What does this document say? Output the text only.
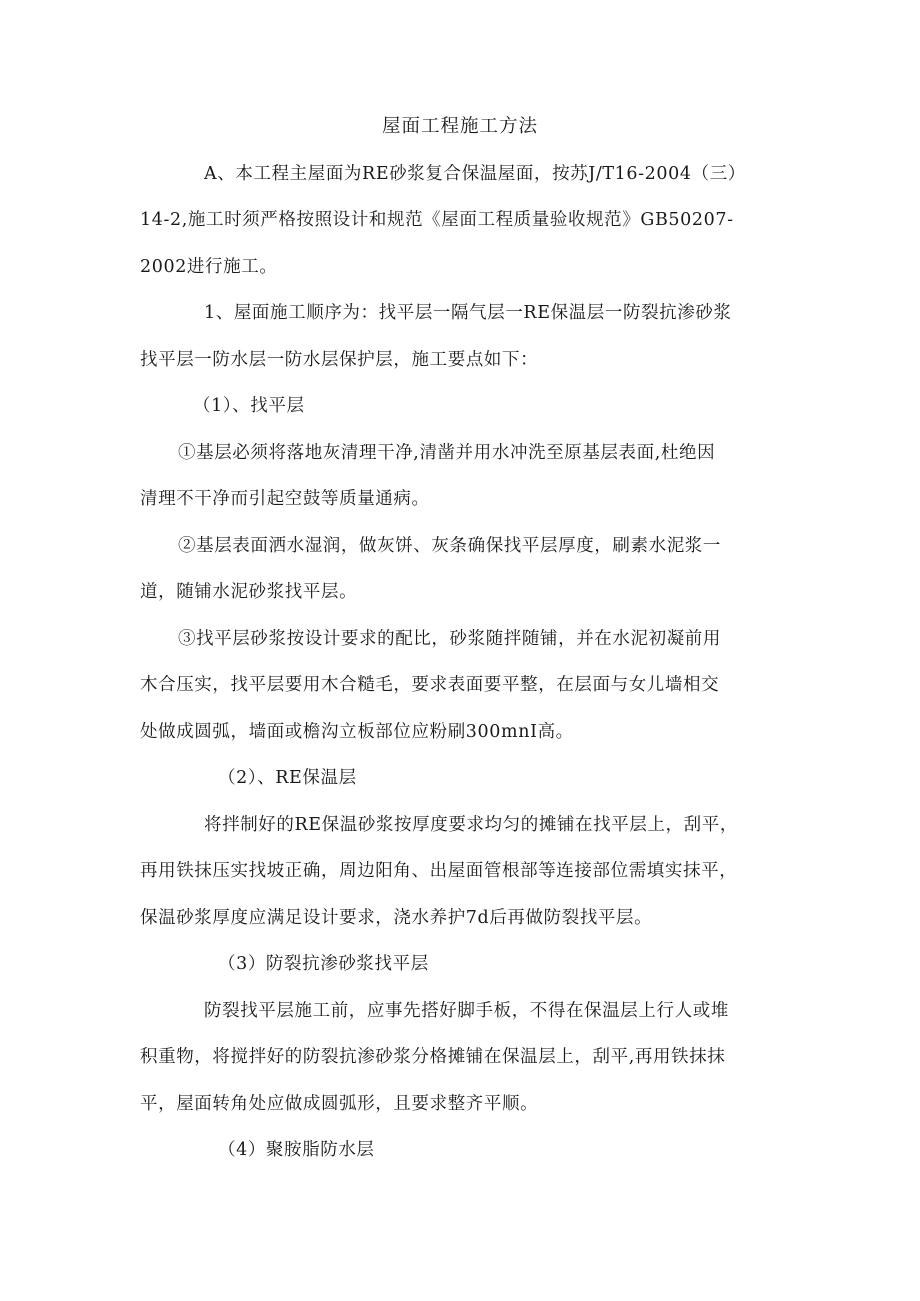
屋面工程施工方法
A、本工程主屋面为RE砂浆复合保温屋面，按苏J/T16-2004（三）
14-2,施工时须严格按照设计和规范《屋面工程质量验收规范》GB50207-
2002进行施工。
1、屋面施工顺序为：找平层一隔气层一RE保温层一防裂抗渗砂浆
找平层一防水层一防水层保护层，施工要点如下：
（1）、找平层
①基层必须将落地灰清理干净,清凿并用水冲洗至原基层表面,杜绝因
清理不干净而引起空鼓等质量通病。
②基层表面洒水湿润，做灰饼、灰条确保找平层厚度，刷素水泥浆一
道，随铺水泥砂浆找平层。
③找平层砂浆按设计要求的配比，砂浆随拌随铺，并在水泥初凝前用
木合压实，找平层要用木合糙毛，要求表面要平整，在层面与女儿墙相交
处做成圆弧，墙面或檐沟立板部位应粉刷300mnI高。
（2）、RE保温层
将拌制好的RE保温砂浆按厚度要求均匀的摊铺在找平层上，刮平，
再用铁抹压实找坡正确，周边阳角、出屋面管根部等连接部位需填实抹平，
保温砂浆厚度应满足设计要求，浇水养护7d后再做防裂找平层。
（3）防裂抗渗砂浆找平层
防裂找平层施工前，应事先搭好脚手板，不得在保温层上行人或堆
积重物，将搅拌好的防裂抗渗砂浆分格摊铺在保温层上，刮平,再用铁抹抹
平，屋面转角处应做成圆弧形，且要求整齐平顺。
（4）聚胺脂防水层
